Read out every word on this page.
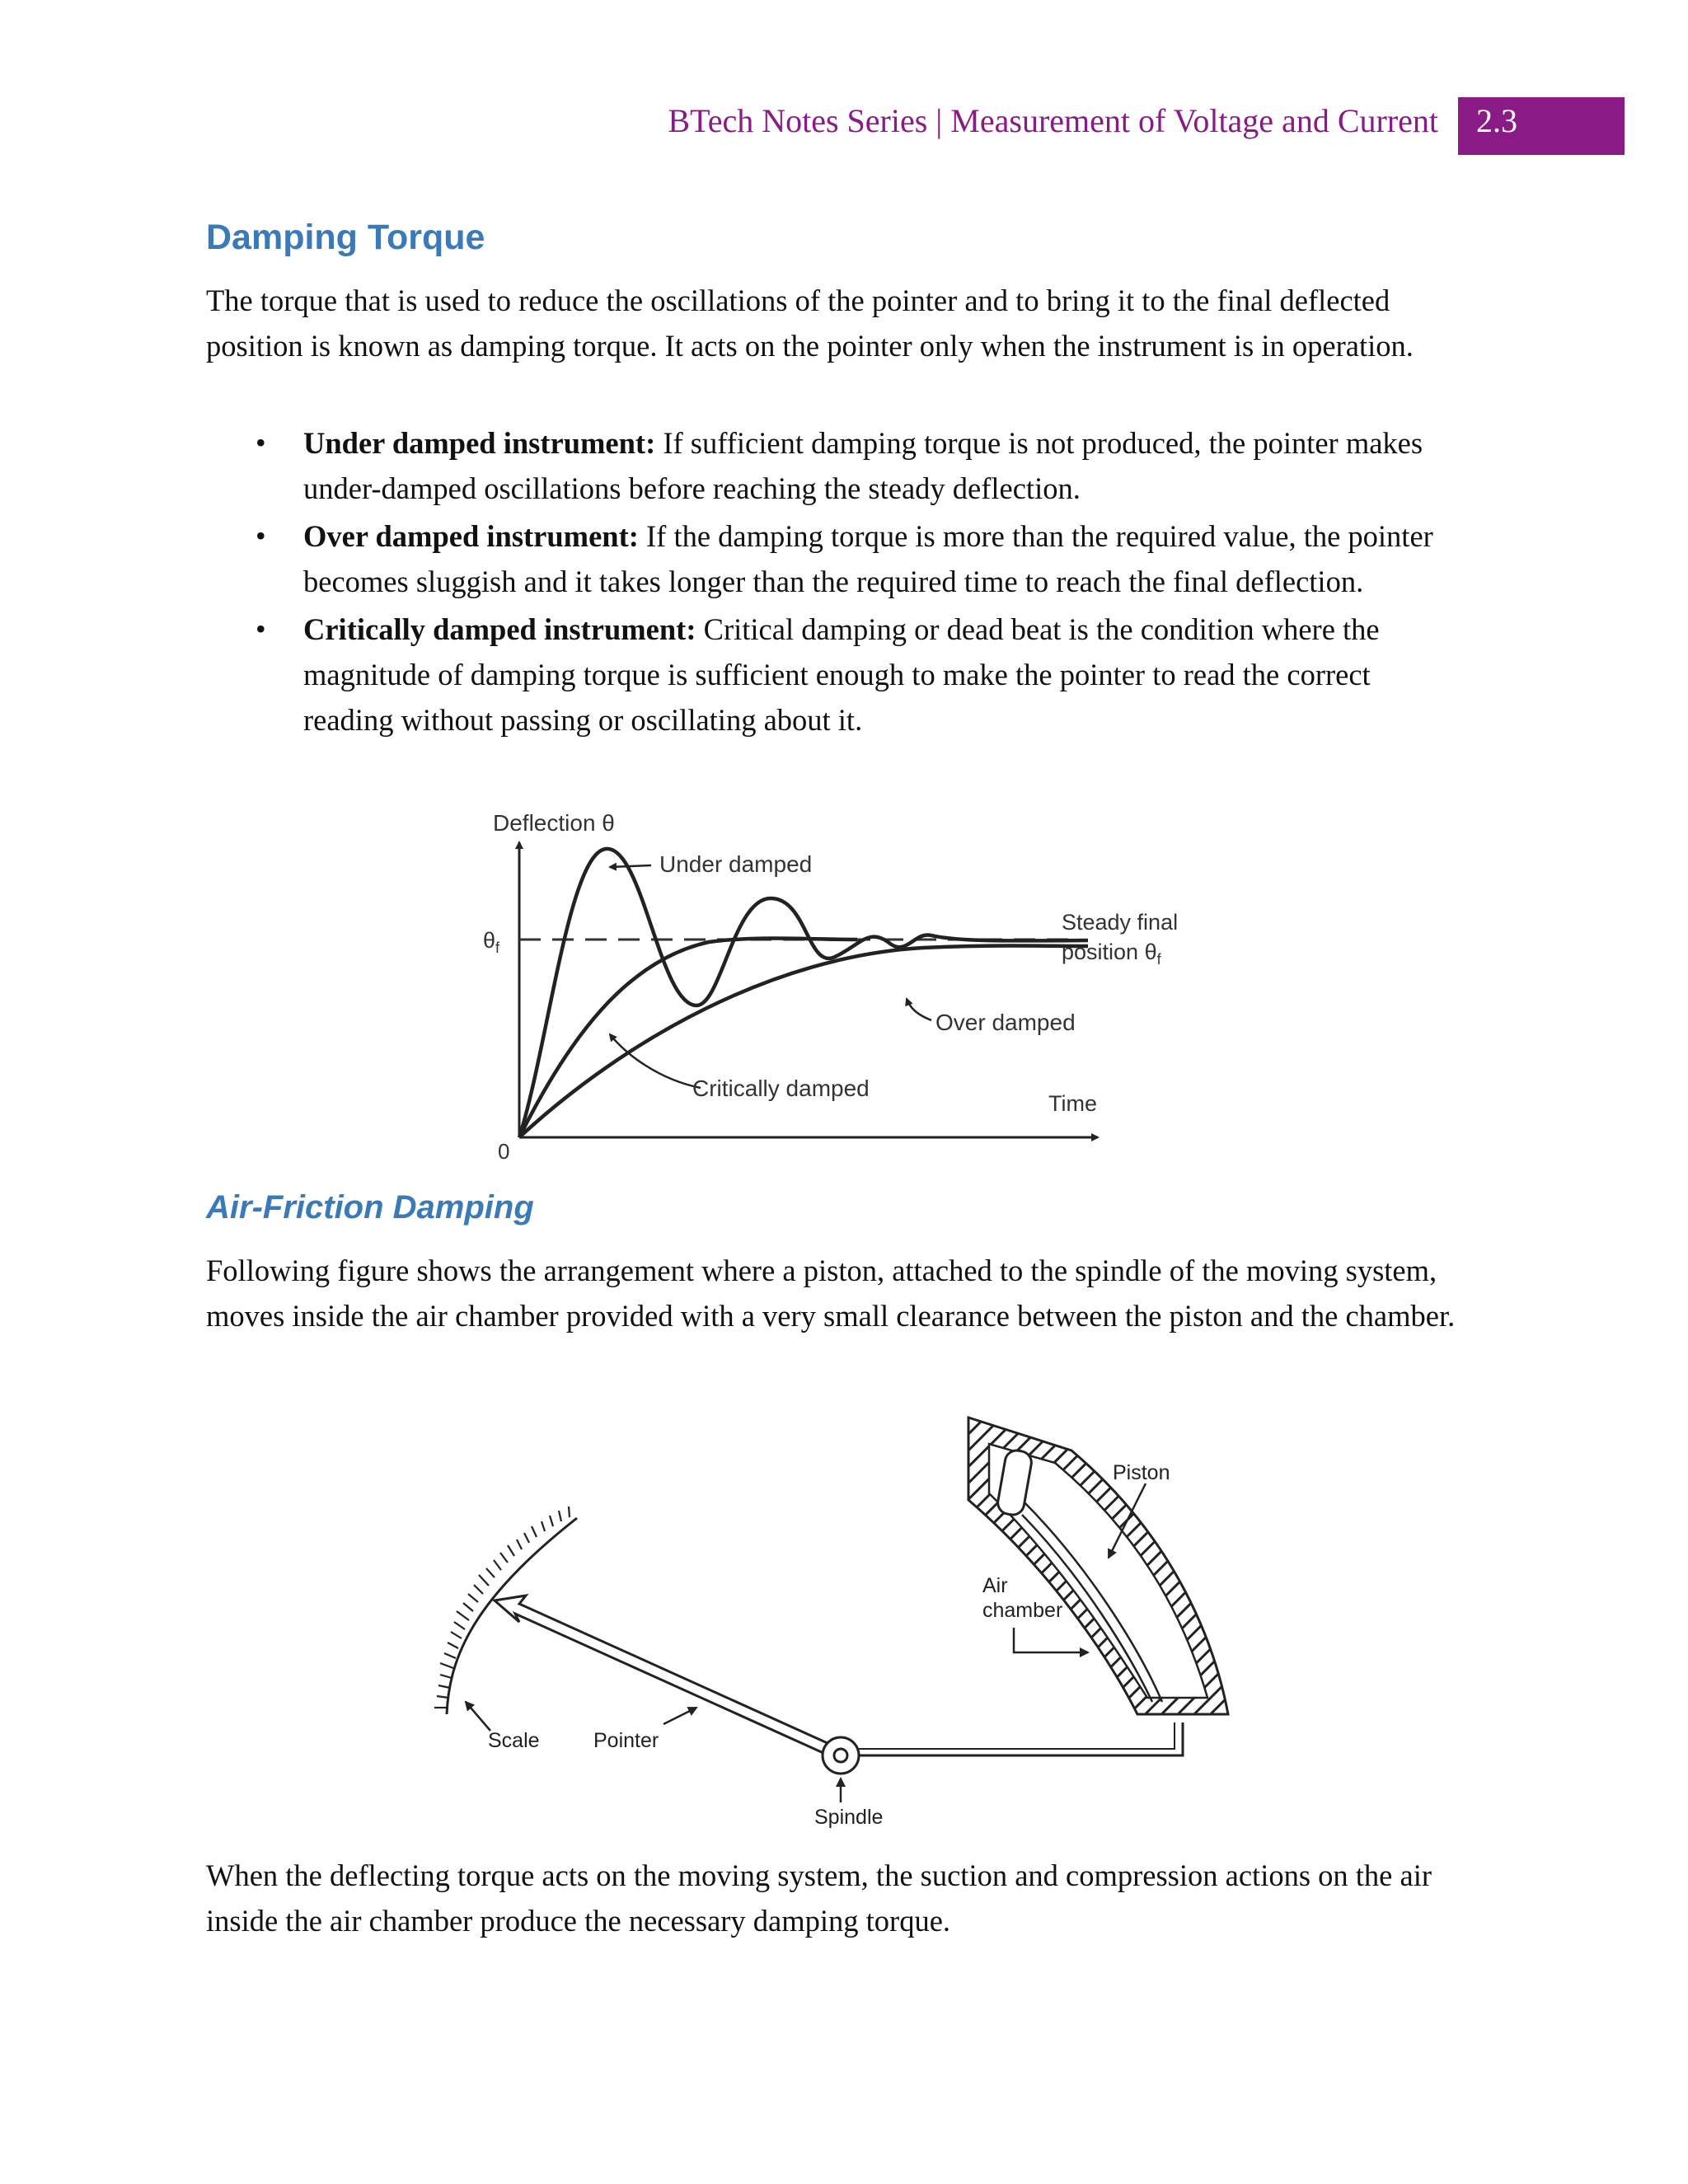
BTech Notes Series | Measurement of Voltage and Current	2.3
Damping Torque

The torque that is used to reduce the oscillations of the pointer and to bring it to the final deflected position is known as damping torque. It acts on the pointer only when the instrument is in operation.

• Under damped instrument: If sufficient damping torque is not produced, the pointer makes under-damped oscillations before reaching the steady deflection.
• Over damped instrument: If the damping torque is more than the required value, the pointer becomes sluggish and it takes longer than the required time to reach the final deflection.
• Critically damped instrument: Critical damping or dead beat is the condition where the magnitude of damping torque is sufficient enough to make the pointer to read the correct reading without passing or oscillating about it.
Deflection θ
Time
0
$\theta_f$
Steady final
position $\theta_f$
Under damped
Critically damped
Over damped
Air-Friction Damping

Following figure shows the arrangement where a piston, attached to the spindle of the moving system, moves inside the air chamber provided with a very small clearance between the piston and the chamber.

Piston
Air
chamber
Scale	Pointer
Spindle

When the deflecting torque acts on the moving system, the suction and compression actions on the air inside the air chamber produce the necessary damping torque.
